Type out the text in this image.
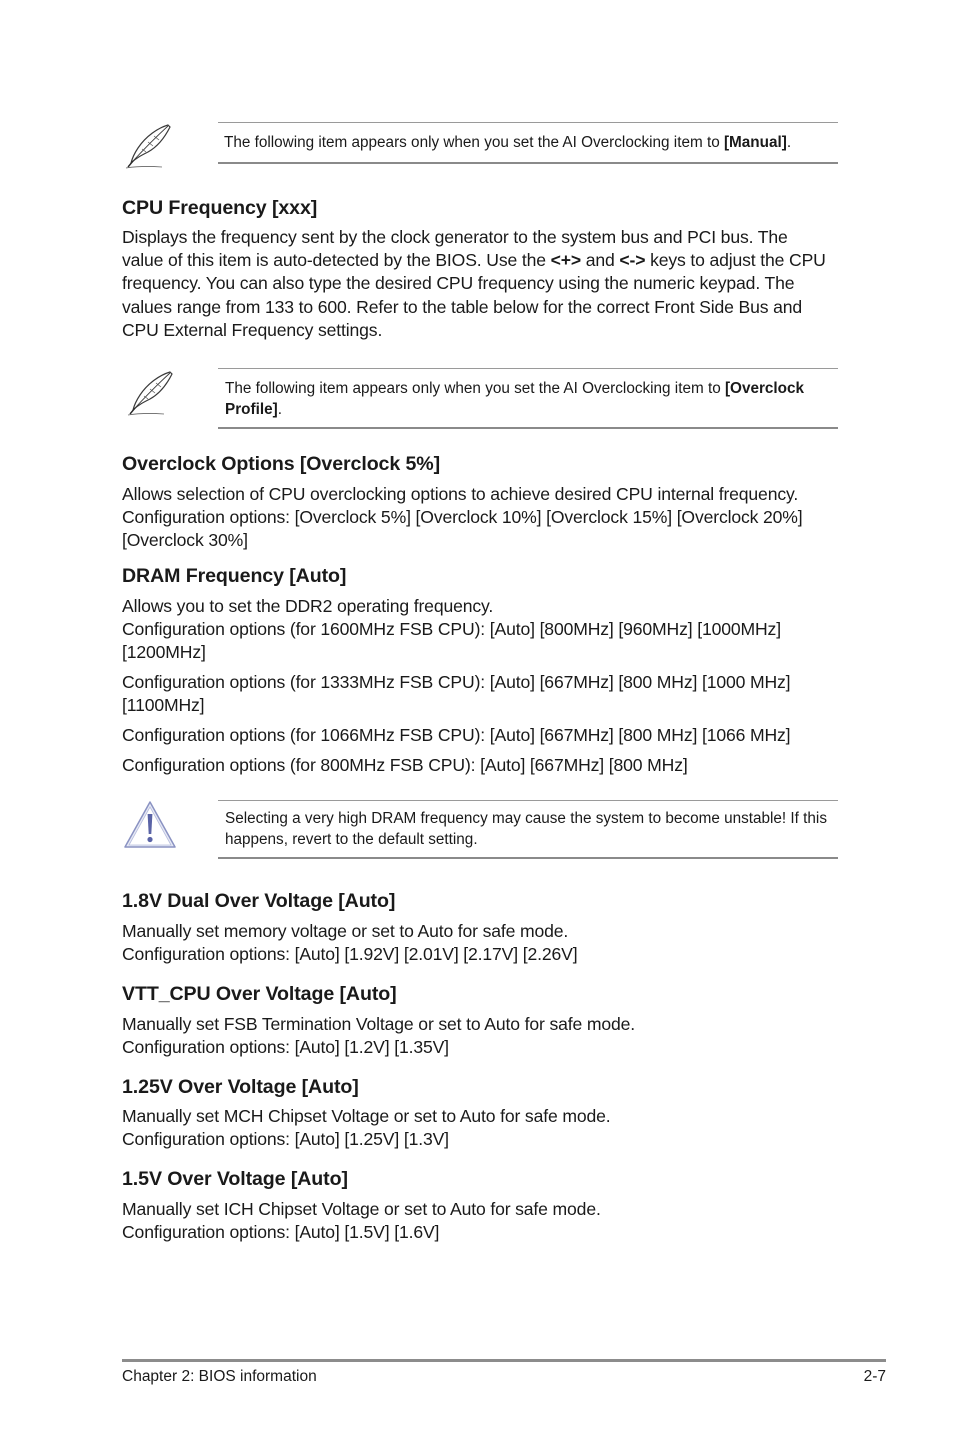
The following item appears only when you set the AI Overclocking item to [Manual].
CPU Frequency [xxx]

Displays the frequency sent by the clock generator to the system bus and PCI bus. The
value of this item is auto-detected by the BIOS. Use the <+> and <-> keys to adjust the CPU
frequency. You can also type the desired CPU frequency using the numeric keypad. The
values range from 133 to 600. Refer to the table below for the correct Front Side Bus and
CPU External Frequency settings.

The following item appears only when you set the AI Overclocking item to [Overclock
Profile].
Overclock Options [Overclock 5%]

Allows selection of CPU overclocking options to achieve desired CPU internal frequency.
Configuration options: [Overclock 5%] [Overclock 10%] [Overclock 15%] [Overclock 20%]
[Overclock 30%]

DRAM Frequency [Auto]

Allows you to set the DDR2 operating frequency.
Configuration options (for 1600MHz FSB CPU): [Auto] [800MHz] [960MHz] [1000MHz]
[1200MHz]

Configuration options (for 1333MHz FSB CPU): [Auto] [667MHz] [800 MHz] [1000 MHz]
[1100MHz]

Configuration options (for 1066MHz FSB CPU): [Auto] [667MHz] [800 MHz] [1066 MHz]

Configuration options (for 800MHz FSB CPU): [Auto] [667MHz] [800 MHz]

Selecting a very high DRAM frequency may cause the system to become unstable! If this
happens, revert to the default setting.
1.8V Dual Over Voltage [Auto]

Manually set memory voltage or set to Auto for safe mode.
Configuration options: [Auto] [1.92V] [2.01V] [2.17V] [2.26V]

VTT_CPU Over Voltage [Auto]

Manually set FSB Termination Voltage or set to Auto for safe mode.
Configuration options: [Auto] [1.2V] [1.35V]

1.25V Over Voltage [Auto]

Manually set MCH Chipset Voltage or set to Auto for safe mode.
Configuration options: [Auto] [1.25V] [1.3V]

1.5V Over Voltage [Auto]

Manually set ICH Chipset Voltage or set to Auto for safe mode.
Configuration options: [Auto] [1.5V] [1.6V]

Chapter 2: BIOS information	2-7
